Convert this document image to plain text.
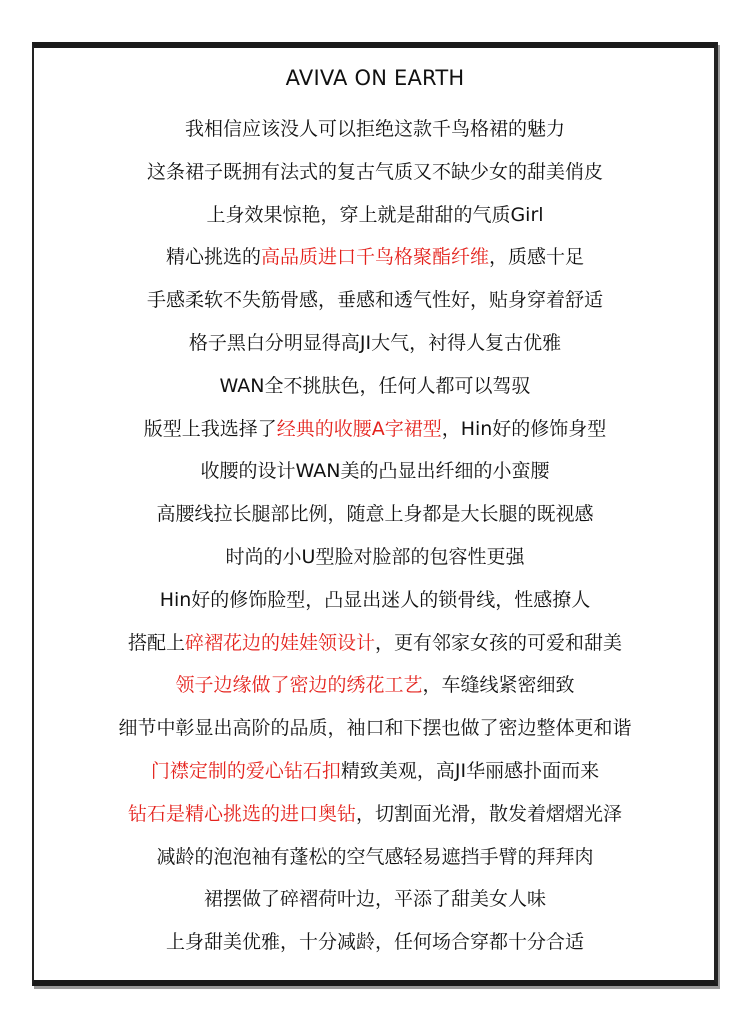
AVIVA ON EARTH
我相信应该没人可以拒绝这款千鸟格裙的魅力
这条裙子既拥有法式的复古气质又不缺少女的甜美俏皮
上身效果惊艳，穿上就是甜甜的气质Girl
精心挑选的高品质进口千鸟格聚酯纤维，质感十足
手感柔软不失筋骨感，垂感和透气性好，贴身穿着舒适
格子黑白分明显得高JI大气，衬得人复古优雅
WAN全不挑肤色，任何人都可以驾驭
版型上我选择了经典的收腰A字裙型，Hin好的修饰身型
收腰的设计WAN美的凸显出纤细的小蛮腰
高腰线拉长腿部比例，随意上身都是大长腿的既视感
时尚的小U型脸对脸部的包容性更强
Hin好的修饰脸型，凸显出迷人的锁骨线，性感撩人
搭配上碎褶花边的娃娃领设计，更有邻家女孩的可爱和甜美
领子边缘做了密边的绣花工艺，车缝线紧密细致
细节中彰显出高阶的品质，袖口和下摆也做了密边整体更和谐
门襟定制的爱心钻石扣精致美观，高JI华丽感扑面而来
钻石是精心挑选的进口奥钻，切割面光滑，散发着熠熠光泽
减龄的泡泡袖有蓬松的空气感轻易遮挡手臂的拜拜肉
裙摆做了碎褶荷叶边，平添了甜美女人味
上身甜美优雅，十分减龄，任何场合穿都十分合适
